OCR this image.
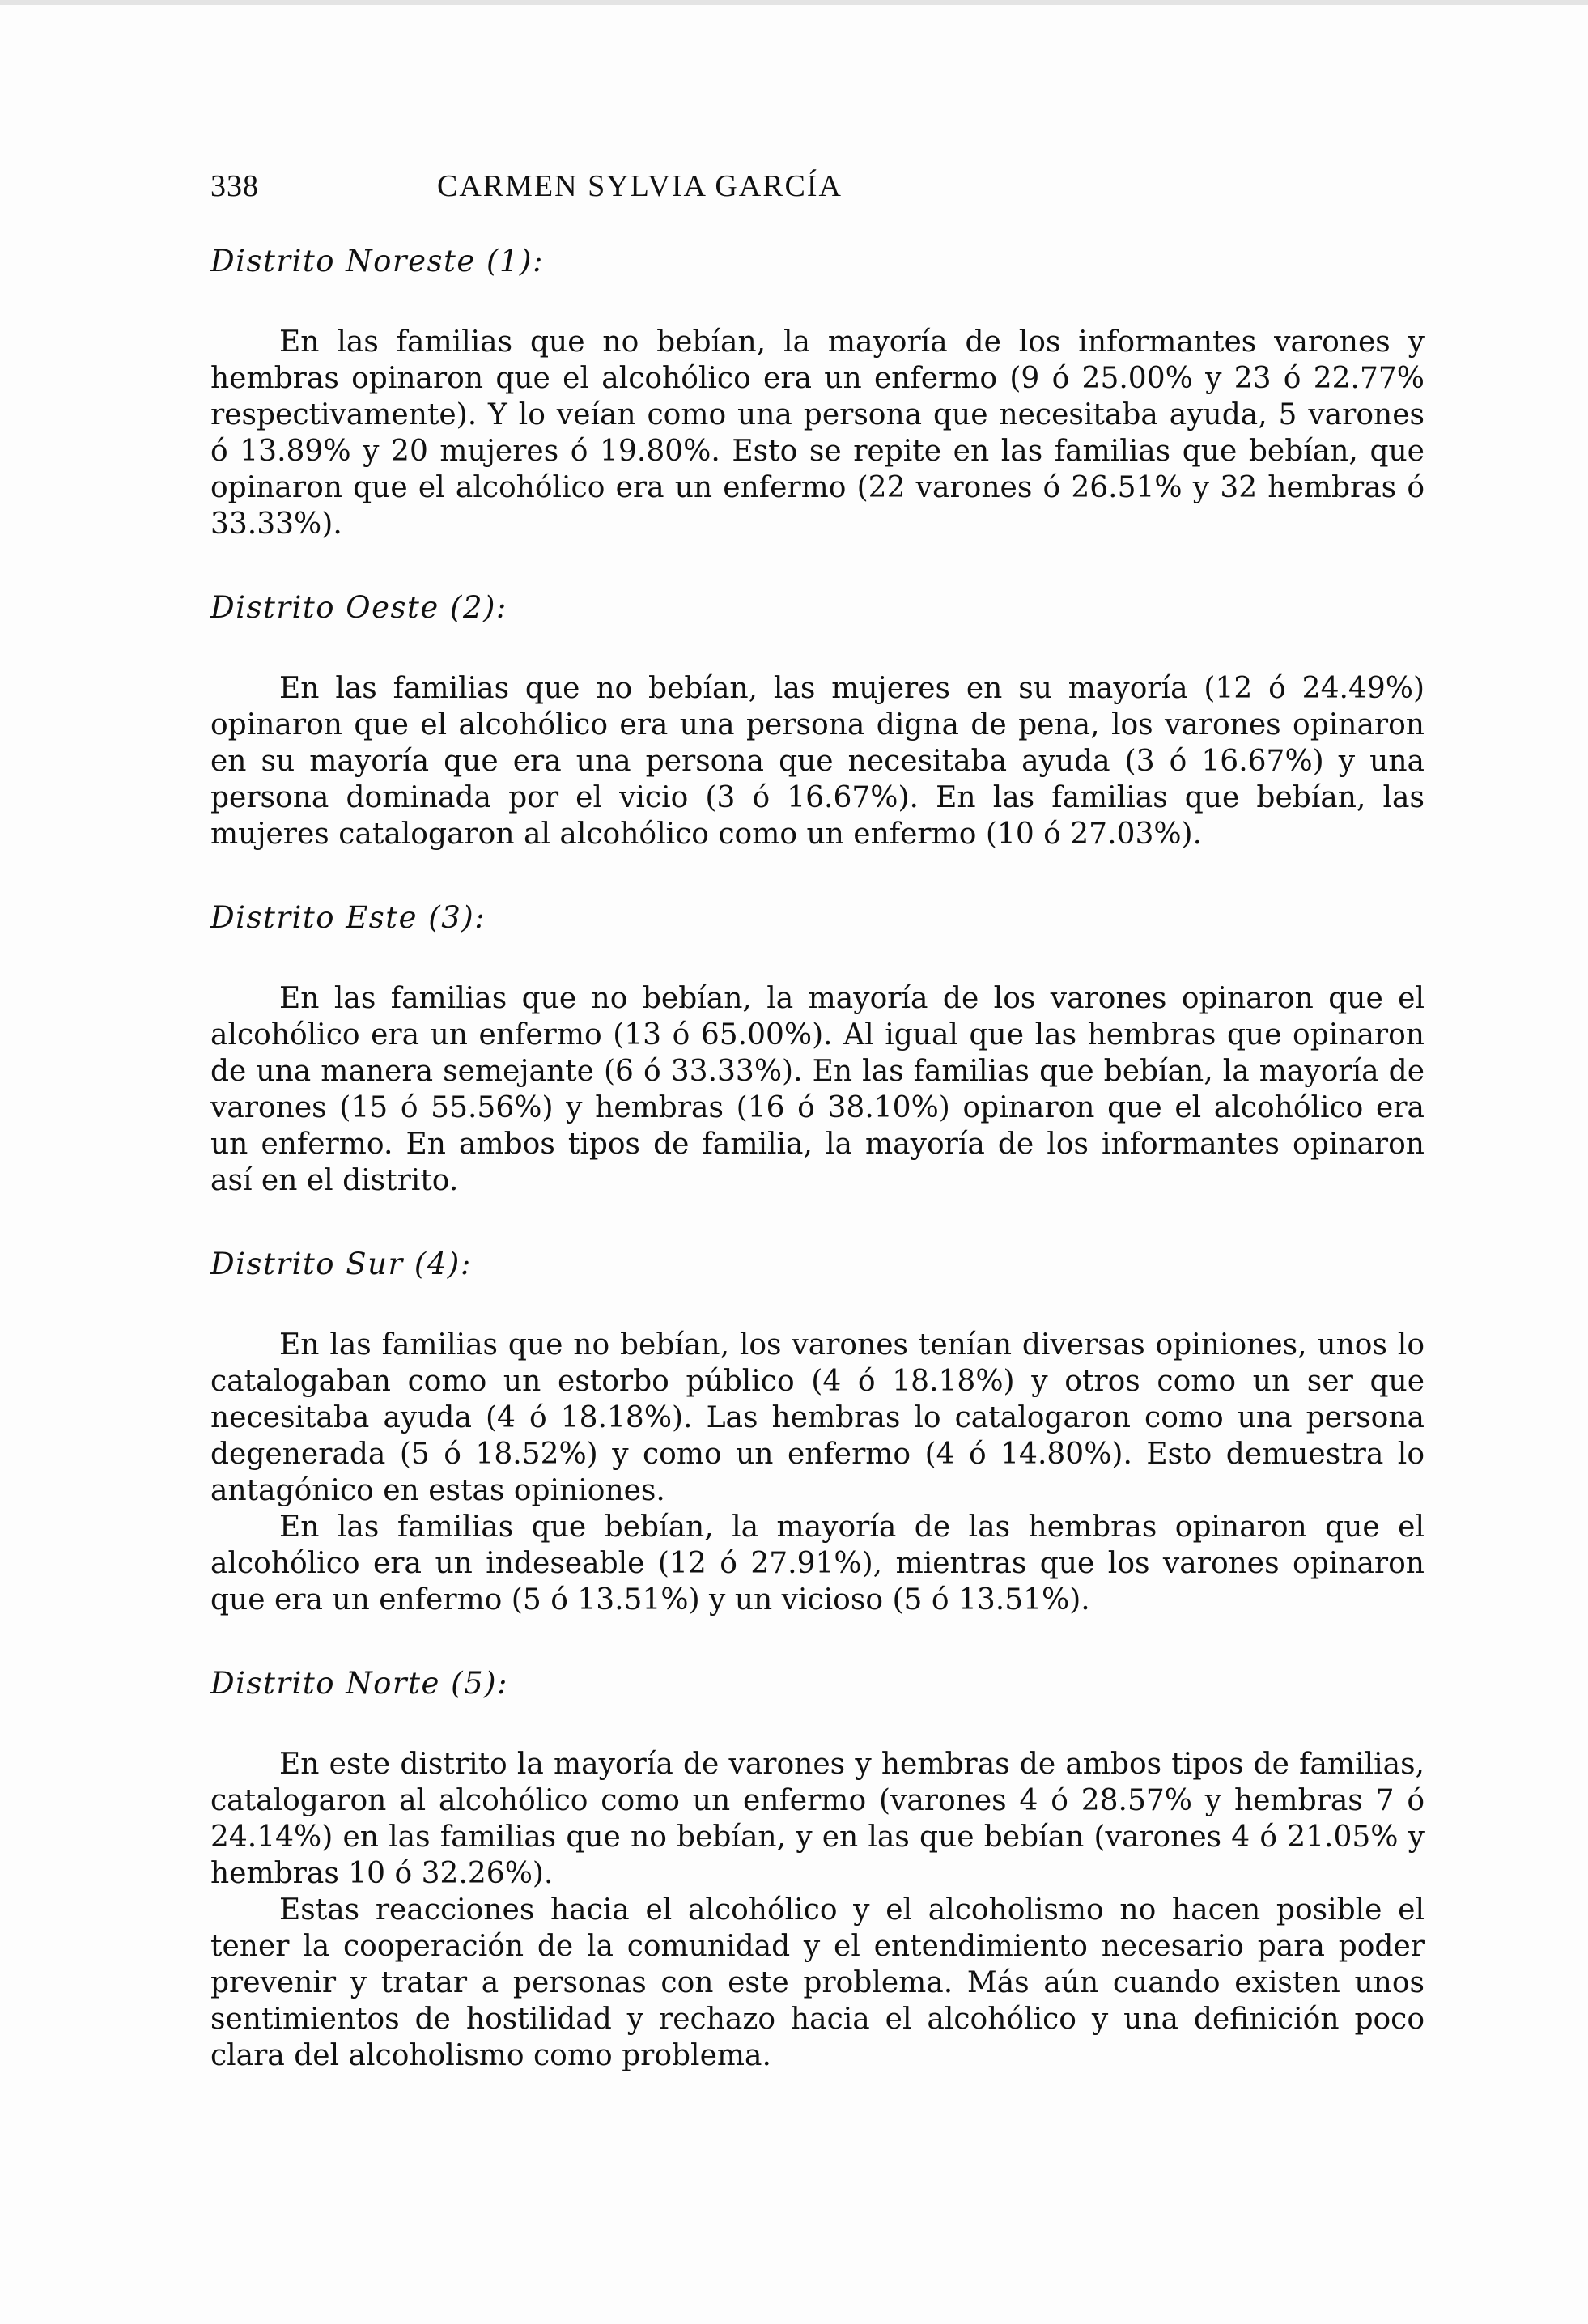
338	CARMEN SYLVIA GARCÍA
Distrito Noreste (1):

En las familias que no bebían, la mayoría de los informantes varones y hembras opinaron que el alcohólico era un enfermo (9 ó 25.00% y 23 ó 22.77% respectivamente). Y lo veían como una persona que necesitaba ayuda, 5 varones ó 13.89% y 20 mujeres ó 19.80%. Esto se repite en las familias que bebían, que opinaron que el alcohólico era un enfermo (22 varones ó 26.51% y 32 hembras ó 33.33%).

Distrito Oeste (2):

En las familias que no bebían, las mujeres en su mayoría (12 ó 24.49%) opinaron que el alcohólico era una persona digna de pena, los varones opinaron en su mayoría que era una persona que necesitaba ayuda (3 ó 16.67%) y una persona dominada por el vicio (3 ó 16.67%). En las familias que bebían, las mujeres catalogaron al alcohólico como un enfermo (10 ó 27.03%).

Distrito Este (3):

En las familias que no bebían, la mayoría de los varones opinaron que el alcohólico era un enfermo (13 ó 65.00%). Al igual que las hembras que opinaron de una manera semejante (6 ó 33.33%). En las familias que bebían, la mayoría de varones (15 ó 55.56%) y hembras (16 ó 38.10%) opinaron que el alcohólico era un enfermo. En ambos tipos de familia, la mayoría de los informantes opinaron así en el distrito.

Distrito Sur (4):

En las familias que no bebían, los varones tenían diversas opiniones, unos lo catalogaban como un estorbo público (4 ó 18.18%) y otros como un ser que necesitaba ayuda (4 ó 18.18%). Las hembras lo catalogaron como una persona degenerada (5 ó 18.52%) y como un enfermo (4 ó 14.80%). Esto demuestra lo antagónico en estas opiniones.

En las familias que bebían, la mayoría de las hembras opinaron que el alcohólico era un indeseable (12 ó 27.91%), mientras que los varones opinaron que era un enfermo (5 ó 13.51%) y un vicioso (5 ó 13.51%).

Distrito Norte (5):

En este distrito la mayoría de varones y hembras de ambos tipos de familias, catalogaron al alcohólico como un enfermo (varones 4 ó 28.57% y hembras 7 ó 24.14%) en las familias que no bebían, y en las que bebían (varones 4 ó 21.05% y hembras 10 ó 32.26%).

Estas reacciones hacia el alcohólico y el alcoholismo no hacen posible el tener la cooperación de la comunidad y el entendimiento necesario para poder prevenir y tratar a personas con este problema. Más aún cuando existen unos sentimientos de hostilidad y rechazo hacia el alcohólico y una definición poco clara del alcoholismo como problema.
